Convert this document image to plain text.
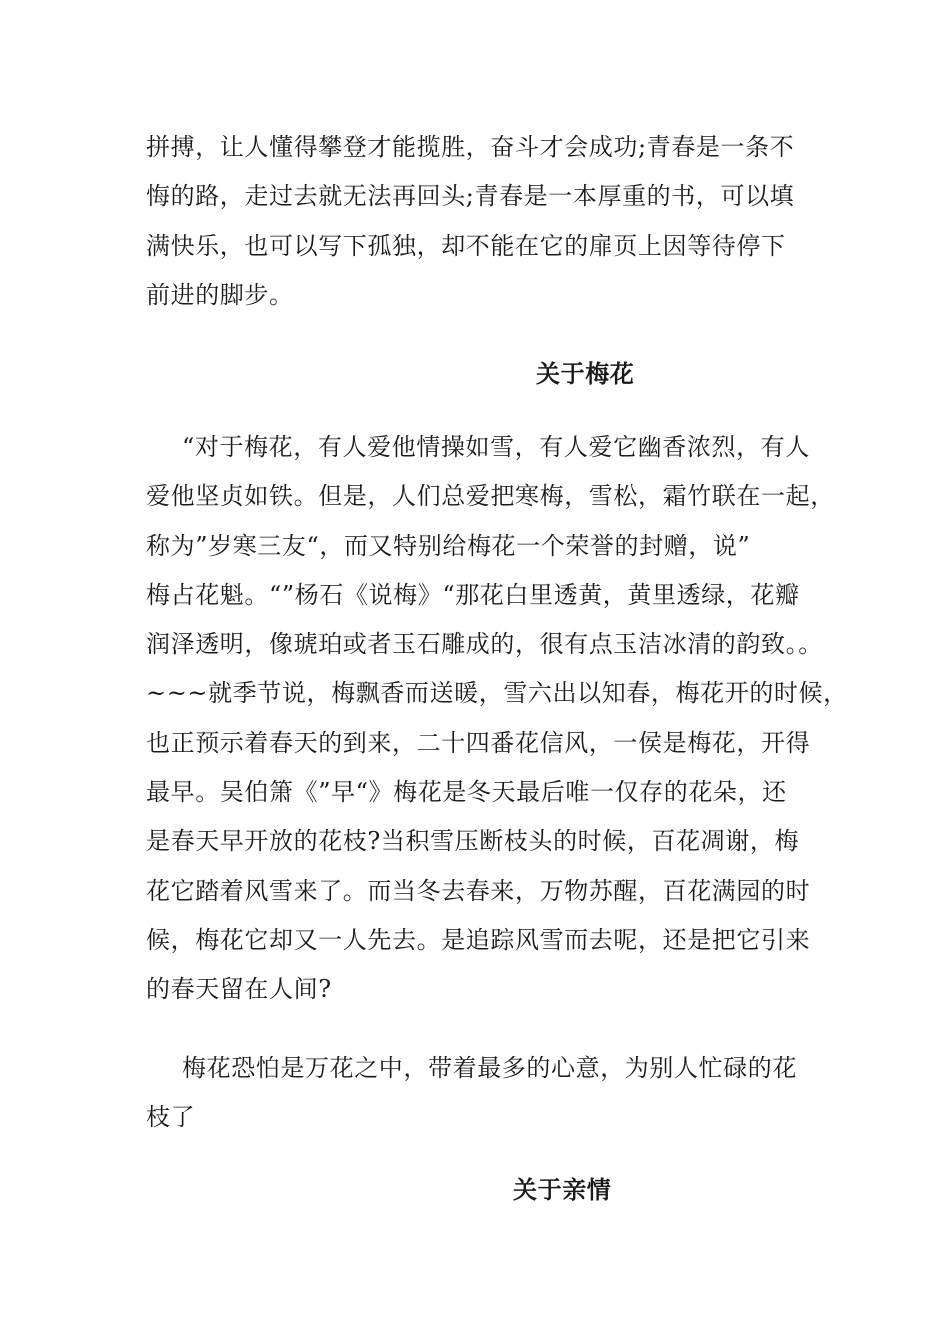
拼搏，让人懂得攀登才能揽胜，奋斗才会成功;青春是一条不
悔的路，走过去就无法再回头;青春是一本厚重的书，可以填
满快乐，也可以写下孤独，却不能在它的扉页上因等待停下
前进的脚步。
关于梅花
“对于梅花，有人爱他情操如雪，有人爱它幽香浓烈，有人
爱他坚贞如铁。但是，人们总爱把寒梅，雪松，霜竹联在一起，
称为”岁寒三友“，而又特别给梅花一个荣誉的封赠，说”
梅占花魁。“”杨石《说梅》“那花白里透黄，黄里透绿，花瓣
润泽透明，像琥珀或者玉石雕成的，很有点玉洁冰清的韵致。。
~~~就季节说，梅飘香而送暖，雪六出以知春，梅花开的时候，
也正预示着春天的到来，二十四番花信风，一侯是梅花，开得
最早。吴伯箫《”早“》梅花是冬天最后唯一仅存的花朵，还
是春天早开放的花枝?当积雪压断枝头的时候，百花凋谢，梅
花它踏着风雪来了。而当冬去春来，万物苏醒，百花满园的时
候，梅花它却又一人先去。是追踪风雪而去呢，还是把它引来
的春天留在人间?
梅花恐怕是万花之中，带着最多的心意，为别人忙碌的花
枝了
关于亲情
